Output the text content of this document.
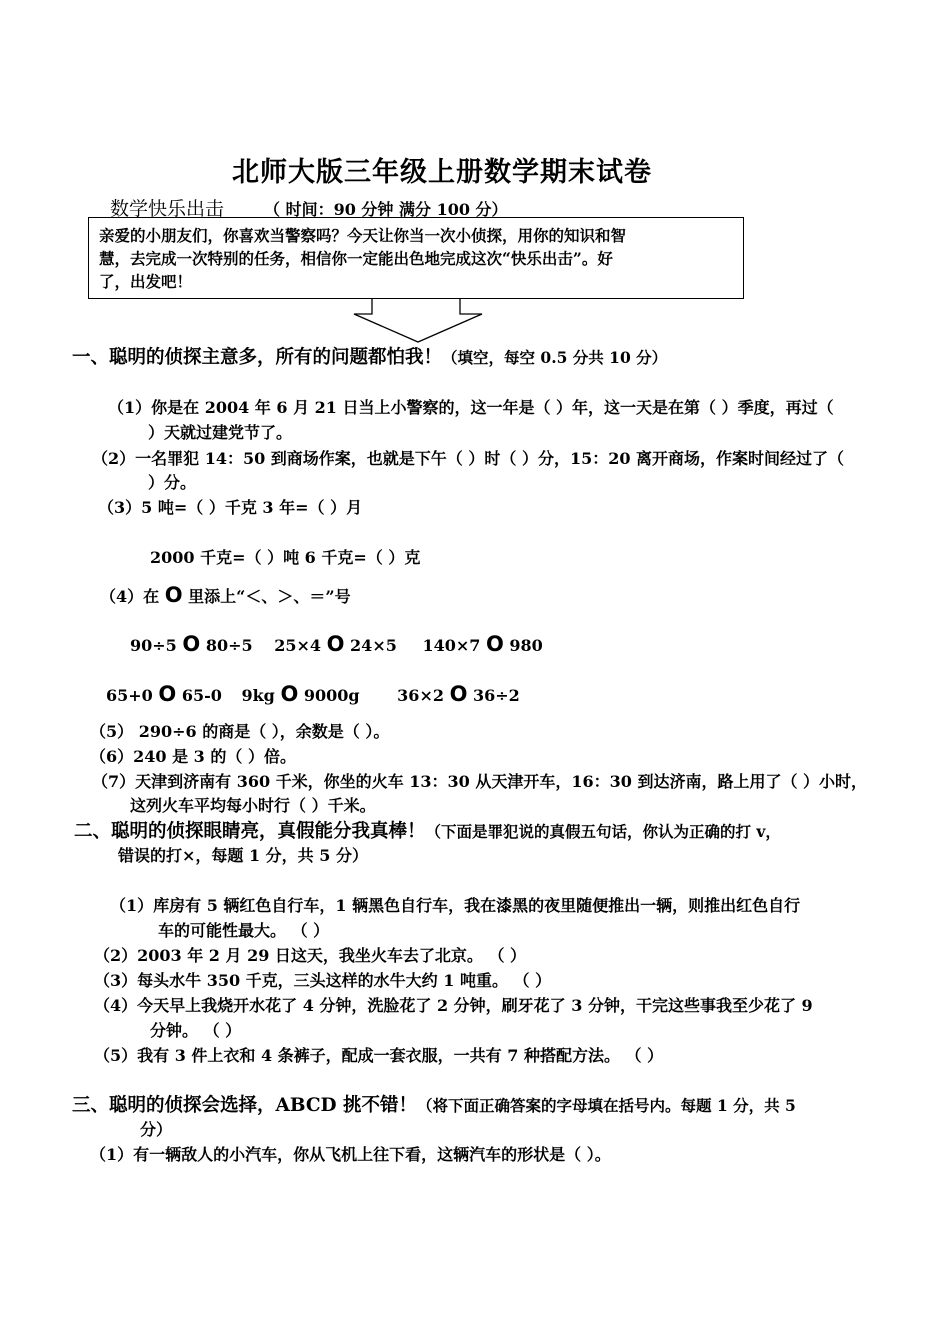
北师大版三年级上册数学期末试卷
数学快乐出击	（ 时间：90 分钟 满分 100 分）
亲爱的小朋友们，你喜欢当警察吗？今天让你当一次小侦探，用你的知识和智
慧，去完成一次特别的任务，相信你一定能出色地完成这次“快乐出击”。好
了，出发吧！
一、聪明的侦探主意多，所有的问题都怕我！（填空，每空 0.5 分共 10 分）
（1）你是在 2004 年 6 月 21 日当上小警察的，这一年是（ ）年，这一天是在第（ ）季度，再过（
）天就过建党节了。
（2）一名罪犯 14：50 到商场作案，也就是下午（ ）时（ ）分，15：20 离开商场，作案时间经过了（
）分。
（3）5 吨=（ ）千克 3 年=（ ）月
2000 千克=（ ）吨 6 千克=（ ）克
（4）在 O 里添上“＜、＞、＝”号
90÷5 O 80÷5 25×4 O 24×5 140×7 O 980
65+0 O 65-0 9kg O 9000g 36×2 O 36÷2
（5） 290÷6 的商是（ ），余数是（ ）。
（6）240 是 3 的（ ）倍。
（7）天津到济南有 360 千米，你坐的火车 13：30 从天津开车，16：30 到达济南，路上用了（ ）小时，
这列火车平均每小时行（ ）千米。
二、聪明的侦探眼睛亮，真假能分我真棒！（下面是罪犯说的真假五句话，你认为正确的打 v，
错误的打×，每题 1 分，共 5 分）
（1）库房有 5 辆红色自行车，1 辆黑色自行车，我在漆黑的夜里随便推出一辆，则推出红色自行
车的可能性最大。 （ ）
（2）2003 年 2 月 29 日这天，我坐火车去了北京。 （ ）
（3）每头水牛 350 千克，三头这样的水牛大约 1 吨重。 （ ）
（4）今天早上我烧开水花了 4 分钟，洗脸花了 2 分钟，刷牙花了 3 分钟，干完这些事我至少花了 9
分钟。 （ ）
（5）我有 3 件上衣和 4 条裤子，配成一套衣服，一共有 7 种搭配方法。 （ ）
三、聪明的侦探会选择，ABCD 挑不错！（将下面正确答案的字母填在括号内。每题 1 分，共 5
分）
（1）有一辆敌人的小汽车，你从飞机上往下看，这辆汽车的形状是（ ）。
